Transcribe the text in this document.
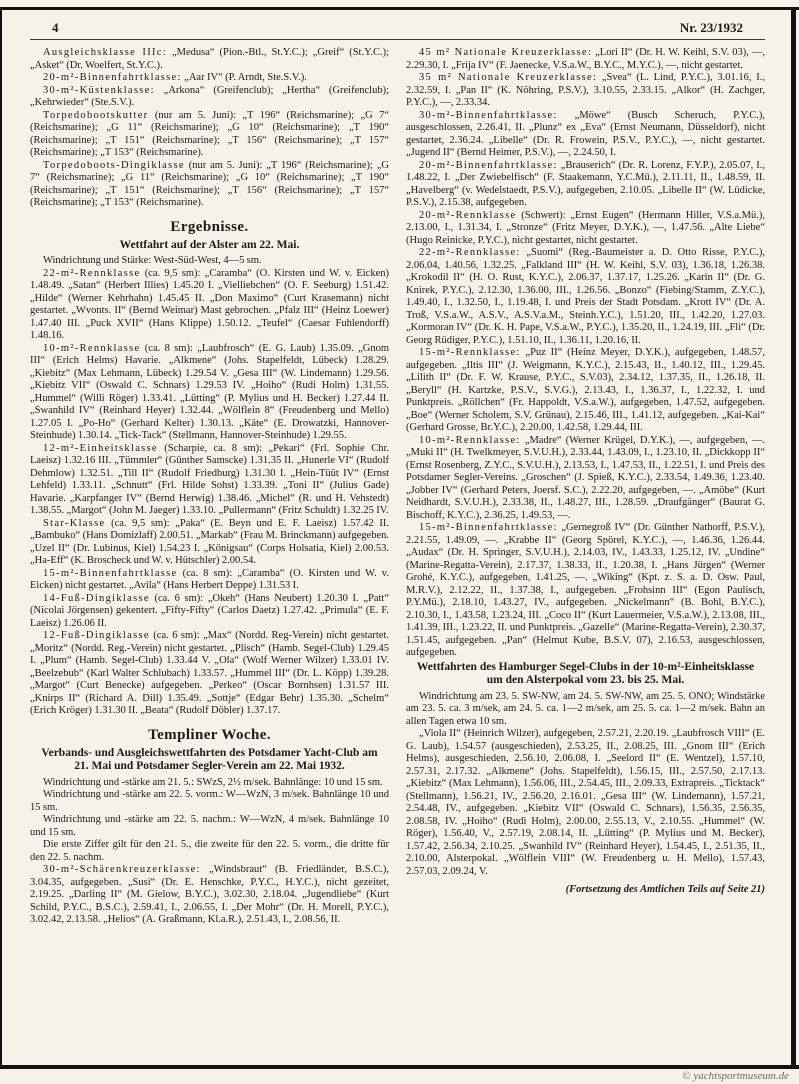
4	Nr. 23/1932

Ausgleichsklasse IIIc: „Medusa“ (Pion.-Btl., St.Y.C.); „Greif“ (St.Y.C.); „Asket“ (Dr. Woelfert, St.Y.C.).

20-m²-Binnenfahrtklasse: „Aar IV“ (P. Arndt, Ste.S.V.).

30-m²-Küstenklasse: „Arkona“ (Greifenclub); „Hertha“ (Greifenclub); „Kehrwieder“ (Ste.S.V.).

Torpedobootskutter (nur am 5. Juni): „T 196“ (Reichsmarine); „G 7“ (Reichsmarine); „G 11“ (Reichsmarine); „G 10“ (Reichsmarine); „T 190“ (Reichsmarine); „T 151“ (Reichsmarine); „T 156“ (Reichsmarine); „T 157“ (Reichsmarine); „T 153“ (Reichsmarine).

Torpedoboots-Dingiklasse (nur am 5. Juni): „T 196“ (Reichsmarine); „G 7“ (Reichsmarine); „G 11“ (Reichsmarine); „G 10“ (Reichsmarine); „T 190“ (Reichsmarine); „T 151“ (Reichsmarine); „T 156“ (Reichsmarine); „T 157“ (Reichsmarine); „T 153“ (Reichsmarine).

Ergebnisse.
Wettfahrt auf der Alster am 22. Mai.

Windrichtung und Stärke: West-Süd-West, 4—5 sm.

22-m²-Rennklasse (ca. 9,5 sm): „Caramba“ (O. Kirsten und W. v. Eicken) 1.48.49. „Satan“ (Herbert Illies) 1.45.20 I. „Vielliebchen“ (O. F. Seeburg) 1.51.42. „Hilde“ (Werner Kehrhahn) 1.45.45 II. „Don Maximo“ (Curt Krasemann) nicht gestartet. „Wvonts. II“ (Bernd Weimar) Mast gebrochen. „Pfalz III“ (Heinz Loewer) 1.47.40 III. „Puck XVII“ (Hans Klippe) 1.50.12. „Teufel“ (Caesar Fuhlendorff) 1.48.16.

10-m²-Rennklasse (ca. 8 sm): „Laubfrosch“ (E. G. Laub) 1.35.09. „Gnom III“ (Erich Helms) Havarie. „Alkmene“ (Johs. Stapelfeldt, Lübeck) 1.28.29. „Kiebitz“ (Max Lehmann, Lübeck) 1.29.54 V. „Gesa III“ (W. Lindemann) 1.29.56. „Kiebitz VII“ (Oswald C. Schnars) 1.29.53 IV. „Hoiho“ (Rudi Holm) 1.31.55. „Hummel“ (Willi Röger) 1.33.41. „Lütting“ (P. Mylius und H. Becker) 1.27.44 II. „Swanhild IV“ (Reinhard Heyer) 1.32.44. „Wölflein 8“ (Freudenberg und Mello) 1.27.05 I. „Po-Ho“ (Gerhard Kelter) 1.30.13. „Käte“ (E. Drowatzki, Hannover-Steinhude) 1.30.14. „Tick-Tack“ (Stellmann, Hannover-Steinhude) 1.29.55.

12-m²-Einheitsklasse (Scharpie, ca. 8 sm): „Pekari“ (Frl. Sophie Chr. Laeisz) 1.32.16 III. „Tümmler“ (Günther Samscke) 1.31.35 II. „Hunerle VI“ (Rudolf Dehmlow) 1.32.51. „Till II“ (Rudolf Friedburg) 1.31.30 I. „Hein-Tüüt IV“ (Ernst Lehfeld) 1.33.11. „Schnutt“ (Frl. Hilde Sohst) 1.33.39. „Toni II“ (Julius Gade) Havarie. „Karpfanger IV“ (Bernd Herwig) 1.38.46. „Michel“ (R. und H. Vehstedt) 1.38.55. „Margot“ (John M. Jaeger) 1.33.10. „Pullermann“ (Fritz Schuldt) 1.32.25 IV.

Star-Klasse (ca. 9,5 sm): „Paka“ (E. Beyn und E. F. Laeisz) 1.57.42 II. „Bambuko“ (Hans Domizlaff) 2.00.51. „Markab“ (Frau M. Brinckmann) aufgegeben. „Uzel II“ (Dr. Lubinus, Kiel) 1.54.23 I. „Königsau“ (Corps Holsatia, Kiel) 2.00.53. „Ha-Eff“ (K. Broscheck und W. v. Hütschler) 2.00.54.

15-m²-Binnenfahrtklasse (ca. 8 sm): „Caramba“ (O. Kirsten und W. v. Eicken) nicht gestartet. „Avila“ (Hans Herbert Deppe) 1.31.53 I.

14-Fuß-Dingiklasse (ca. 6 sm): „Okeh“ (Hans Neubert) 1.20.30 I. „Patt“ (Nicolai Jörgensen) gekentert. „Fifty-Fifty“ (Carlos Daetz) 1.27.42. „Primula“ (E. F. Laeisz) 1.26.06 II.

12-Fuß-Dingiklasse (ca. 6 sm): „Max“ (Nordd. Reg-Verein) nicht gestartet. „Moritz“ (Nordd. Reg.-Verein) nicht gestartet. „Plisch“ (Hamb. Segel-Club) 1.29.45 I. „Plum“ (Hamb. Segel-Club) 1.33.44 V. „Ola“ (Wolf Werner Wilzer) 1.33.01 IV. „Beelzebub“ (Karl Walter Schlubach) 1.33.57. „Hummel III“ (Dr. L. Köpp) 1.39.28. „Margot“ (Curt Benecke) aufgegeben. „Perkeo“ (Oscar Bornhsen) 1.31.57 III. „Knirps II“ (Richard A. Dill) 1.35.49. „Sottje“ (Edgar Behr) 1.35.30. „Schelm“ (Erich Kröger) 1.31.30 II. „Beata“ (Rudolf Döbler) 1.37.17.

Templiner Woche.
Verbands- und Ausgleichswettfahrten des Potsdamer Yacht-Club am 21. Mai und Potsdamer Segler-Verein am 22. Mai 1932.

Windrichtung und -stärke am 21. 5.: SWzS, 2½ m/sek. Bahnlänge: 10 und 15 sm.

Windrichtung und -stärke am 22. 5. vorm.: W—WzN, 3 m/sek. Bahnlänge 10 und 15 sm.

Windrichtung und -stärke am 22. 5. nachm.: W—WzN, 4 m/sek. Bahnlänge 10 und 15 sm.

Die erste Ziffer gilt für den 21. 5., die zweite für den 22. 5. vorm., die dritte für den 22. 5. nachm.

30-m²-Schärenkreuzerklasse: „Windsbraut“ (B. Friedländer, B.S.C.), 3.04.35, aufgegeben. „Susi“ (Dr. E. Henschke, P.Y.C., H.Y.C.), nicht gezeitet, 2.19.25. „Darling II“ (M. Gielow, B.Y.C.), 3.02.30, 2.18.04. „Jugendliebe“ (Kurt Schild, P.Y.C., B.S.C.), 2.59.41, I., 2.06.55, I. „Der Mohr“ (Dr. H. Morell, P.Y.C.), 3.02.42, 2.13.58. „Helios“ (A. Graßmann, Kl.a.R.), 2.51.43, I., 2.08.56, II.

45 m² Nationale Kreuzerklasse: „Lori II“ (Dr. H. W. Keihl, S.V. 03), —, 2.29.30, I. „Frija IV“ (F. Jaenecke, V.S.a.W., B.Y.C., M.Y.C.), —, nicht gestartet.

35 m² Nationale Kreuzerklasse: „Svea“ (L. Lind, P.Y.C.), 3.01.16, I., 2.32.59, I. „Pan II“ (K. Nöhring, P.S.V.), 3.10.55, 2.33.15. „Alkor“ (H. Zachger, P.Y.C.), —, 2.33.34.

30-m²-Binnenfahrtklasse: „Möwe“ (Busch Scheruch, P.Y.C.), ausgeschlossen, 2.26.41, II. „Plunz“ ex „Eva“ (Ernst Neumann, Düsseldorf), nicht gestartet, 2.36.24. „Libelle“ (Dr. R. Frowein, P.S.V., P.Y.C.), —, nicht gestartet. „Jugend II“ (Bernd Heimer, P.S.V.), —, 2.24.50, I.

20-m²-Binnenfahrtklasse: „Brauserich“ (Dr. R. Lorenz, F.Y.P.), 2.05.07, I., 1.48.22, I. „Der Zwiebelfisch“ (F. Staakemann, Y.C.Mü.), 2.11.11, II., 1.48.59, II. „Havelberg“ (v. Wedelstaedt, P.S.V.), aufgegeben, 2.10.05. „Libelle II“ (W. Lüdicke, P.S.V.), 2.15.38, aufgegeben.

20-m²-Rennklasse (Schwert): „Ernst Eugen“ (Hermann Hiller, V.S.a.Mü.), 2.13.00, I., 1.31.34, I. „Stronze“ (Fritz Meyer, D.Y.K.), —, 1.47.56. „Alte Liebe“ (Hugo Reinicke, P.Y.C.), nicht gestartet, nicht gestartet.

22-m²-Rennklasse: „Suomi“ (Reg.-Baumeister a. D. Otto Risse, P.Y.C.), 2.06.04, 1.40.56, 1.32.25. „Falkland III“ (H. W. Keihl, S.V. 03), 1.36.18, 1.26.38. „Krokodil II“ (H. O. Rust, K.Y.C.), 2.06.37, 1.37.17, 1.25.26. „Karin II“ (Dr. G. Knirek, P.Y.C.), 2.12.30, 1.36.00, III., 1.26.56. „Bonzo“ (Fiebing/Stamm, Z.Y.C.), 1.49.40, I., 1.32.50, I., 1.19.48, I. und Preis der Stadt Potsdam. „Krott IV“ (Dr. A. Troß, V.S.a.W., A.S.V., A.S.V.a.M., Steinh.Y.C.), 1.51.20, III., 1.42.20, 1.27.03. „Kormoran IV“ (Dr. K. H. Pape, V.S.a.W., P.Y.C.), 1.35.20, II., 1.24.19, III. „Fli“ (Dr. Georg Rüdiger, P.Y.C.), 1.51.10, II., 1.36.11, 1.20.16, II.

15-m²-Rennklasse: „Puz II“ (Heinz Meyer, D.Y.K.), aufgegeben, 1.48.57, aufgegeben. „Iltis III“ (J. Weigmann, K.Y.C.), 2.15.43, II., 1.40.12, III., 1.29.45. „Lilith II“ (Dr. F. W. Krause, P.Y.C., S.V.03), 2.34.12, 1.37.35, II., 1.26.18, II. „Beryll“ (H. Kartzke, P.S.V., S.V.G.), 2.13.43, I., 1.36.37, I., 1.22.32, I. und Punktpreis. „Röllchen“ (Fr. Happoldt, V.S.a.W.), aufgegeben, 1.47.52, aufgegeben. „Boe“ (Werner Scholem, S.V. Grünau), 2.15.46, III., 1.41.12, aufgegeben. „Kai-Kai“ (Gerhard Grosse, Br.Y.C.), 2.20.00, 1.42.58, 1.29.44, III.

10-m²-Rennklasse: „Madre“ (Werner Krügel, D.Y.K.), —, aufgegeben, —. „Muki II“ (H. Twelkmeyer, S.V.U.H.), 2.33.44, 1.43.09, I., 1.23.10, II. „Dickkopp II“ (Ernst Rosenberg, Z.Y.C., S.V.U.H.), 2.13.53, I., 1.47.53, II., 1.22.51, I. und Preis des Potsdamer Segler-Vereins. „Groschen“ (J. Spieß, K.Y.C.), 2.33.54, 1.49.36, 1.23.40. „Jobber IV“ (Gerhard Peters, Joersf. S.C.), 2.22.20, aufgegeben, —. „Amöbe“ (Kurt Neidhardt, S.V.U.H.), 2.33.38, II., 1.48.27, III., 1.28.59. „Draufgänger“ (Baurat G. Bischoff, K.Y.C.), 2.36.25, 1.49.53, —.

15-m²-Binnenfahrtklasse: „Gernegroß IV“ (Dr. Günther Nathorff, P.S.V.), 2.21.55, 1.49.09, —. „Krabbe II“ (Georg Spörel, K.Y.C.), —, 1.46.36, 1.26.44. „Audax“ (Dr. H. Springer, S.V.U.H.), 2.14.03, IV., 1.43.33, 1.25.12, IV. „Undine“ (Marine-Regatta-Verein), 2.17.37, 1.38.33, II., 1.20.38, I. „Hans Jürgen“ (Werner Grohé, K.Y.C.), aufgegeben, 1.41.25, —. „Wiking“ (Kpt. z. S. a. D. Osw. Paul, M.R.V.), 2.12.22, II., 1.37.38, I., aufgegeben. „Frohsinn III“ (Egon Paulisch, P.Y.Mü.), 2.18.10, 1.43.27, IV., aufgegeben. „Nickelmann“ (B. Bohl, B.Y.C.), 2.10.30, I., 1.43.58, 1.23.24, III. „Coco II“ (Kurt Lauermeier, V.S.a.W.), 2.13.08, III., 1.41.39, III., 1.23.22, II. und Punktpreis. „Gazelle“ (Marine-Regatta-Verein), 2.30.37, 1.51.45, aufgegeben. „Pan“ (Helmut Kube, B.S.V. 07), 2.16.53, ausgeschlossen, aufgegeben.

Wettfahrten des Hamburger Segel-Clubs in der 10-m²-Einheitsklasse um den Alsterpokal vom 23. bis 25. Mai.

Windrichtung am 23. 5. SW-NW, am 24. 5. SW-NW, am 25. 5. ONO; Windstärke am 23. 5. ca. 3 m/sek, am 24. 5. ca. 1—2 m/sek, am 25. 5. ca. 1—2 m/sek. Bahn an allen Tagen etwa 10 sm.

„Viola II“ (Heinrich Wilzer), aufgegeben, 2.57.21, 2.20.19. „Laubfrosch VIII“ (E. G. Laub), 1.54.57 (ausgeschieden), 2.53.25, II., 2.08.25, III. „Gnom III“ (Erich Helms), ausgeschieden, 2.56.10, 2.06.08, I. „Seelord II“ (E. Wentzel), 1.57.10, 2.57.31, 2.17.32. „Alkmene“ (Johs. Stapelfeldt), 1.56.15, III., 2.57.50, 2.17.13. „Kiebitz“ (Max Lehmann), 1.56.06, III., 2.54.45, III., 2.09.33, Extrapreis. „Ticktack“ (Stellmann), 1.56.21, IV., 2.56.20, 2.16.01. „Gesa III“ (W. Lindemann), 1.57.21, 2.54.48, IV., aufgegeben. „Kiebitz VII“ (Oswald C. Schnars), 1.56.35, 2.56.35, 2.08.58, IV. „Hoiho“ (Rudi Holm), 2.00.00, 2.55.13, V., 2.10.55. „Hummel“ (W. Röger), 1.56.40, V., 2.57.19, 2.08.14, II. „Lütting“ (P. Mylius und M. Becker), 1.57.42, 2.56.34, 2.10.25. „Swanhild IV“ (Reinhard Heyer), 1.54.45, I., 2.51.35, II., 2.10.00, Alsterpokal. „Wölflein VIII“ (W. Freudenberg u. H. Mello), 1.57.43, 2.57.03, 2.09.24, V.

(Fortsetzung des Amtlichen Teils auf Seite 21)

© yachtsportmuseum.de
